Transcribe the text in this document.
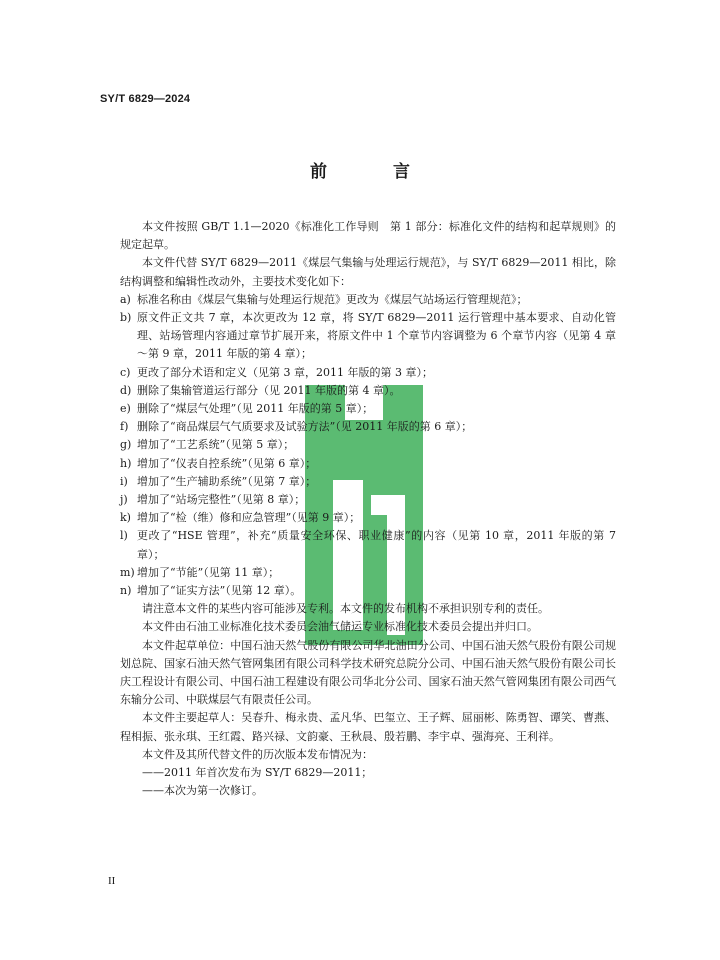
SY/T 6829—2024
前 言

本文件按照 GB/T 1.1—2020《标准化工作导则　第 1 部分：标准化文件的结构和起草规则》的规定起草。

本文件代替 SY/T 6829—2011《煤层气集输与处理运行规范》，与 SY/T 6829—2011 相比，除结构调整和编辑性改动外，主要技术变化如下：

a) 标准名称由《煤层气集输与处理运行规范》更改为《煤层气站场运行管理规范》；

b) 原文件正文共 7 章，本次更改为 12 章，将 SY/T 6829—2011 运行管理中基本要求、自动化管理、站场管理内容通过章节扩展开来，将原文件中 1 个章节内容调整为 6 个章节内容（见第 4 章～第 9 章，2011 年版的第 4 章）；

c) 更改了部分术语和定义（见第 3 章，2011 年版的第 3 章）；

d) 删除了集输管道运行部分（见 2011 年版的第 4 章）。

e) 删除了“煤层气处理”（见 2011 年版的第 5 章）；

f) 删除了“商品煤层气气质要求及试验方法”（见 2011 年版的第 6 章）；

g) 增加了“工艺系统”（见第 5 章）；

h) 增加了“仪表自控系统”（见第 6 章）；

i) 增加了“生产辅助系统”（见第 7 章）；

j) 增加了“站场完整性”（见第 8 章）；

k) 增加了“检（维）修和应急管理”（见第 9 章）；

l) 更改了“HSE 管理”，补充“质量安全环保、职业健康”的内容（见第 10 章，2011 年版的第 7 章）；

m) 增加了“节能”（见第 11 章）；

n) 增加了“证实方法”（见第 12 章）。

请注意本文件的某些内容可能涉及专利。本文件的发布机构不承担识别专利的责任。

本文件由石油工业标准化技术委员会油气储运专业标准化技术委员会提出并归口。

本文件起草单位：中国石油天然气股份有限公司华北油田分公司、中国石油天然气股份有限公司规划总院、国家石油天然气管网集团有限公司科学技术研究总院分公司、中国石油天然气股份有限公司长庆工程设计有限公司、中国石油工程建设有限公司华北分公司、国家石油天然气管网集团有限公司西气东输分公司、中联煤层气有限责任公司。

本文件主要起草人：吴春升、梅永贵、孟凡华、巴玺立、王子辉、屈丽彬、陈勇智、谭笑、曹燕、程相振、张永琪、王红霞、路兴禄、文韵豪、王秋晨、殷若鹏、李宇卓、强海亮、王利祥。

本文件及其所代替文件的历次版本发布情况为：

——2011 年首次发布为 SY/T 6829—2011；

——本次为第一次修订。

II
